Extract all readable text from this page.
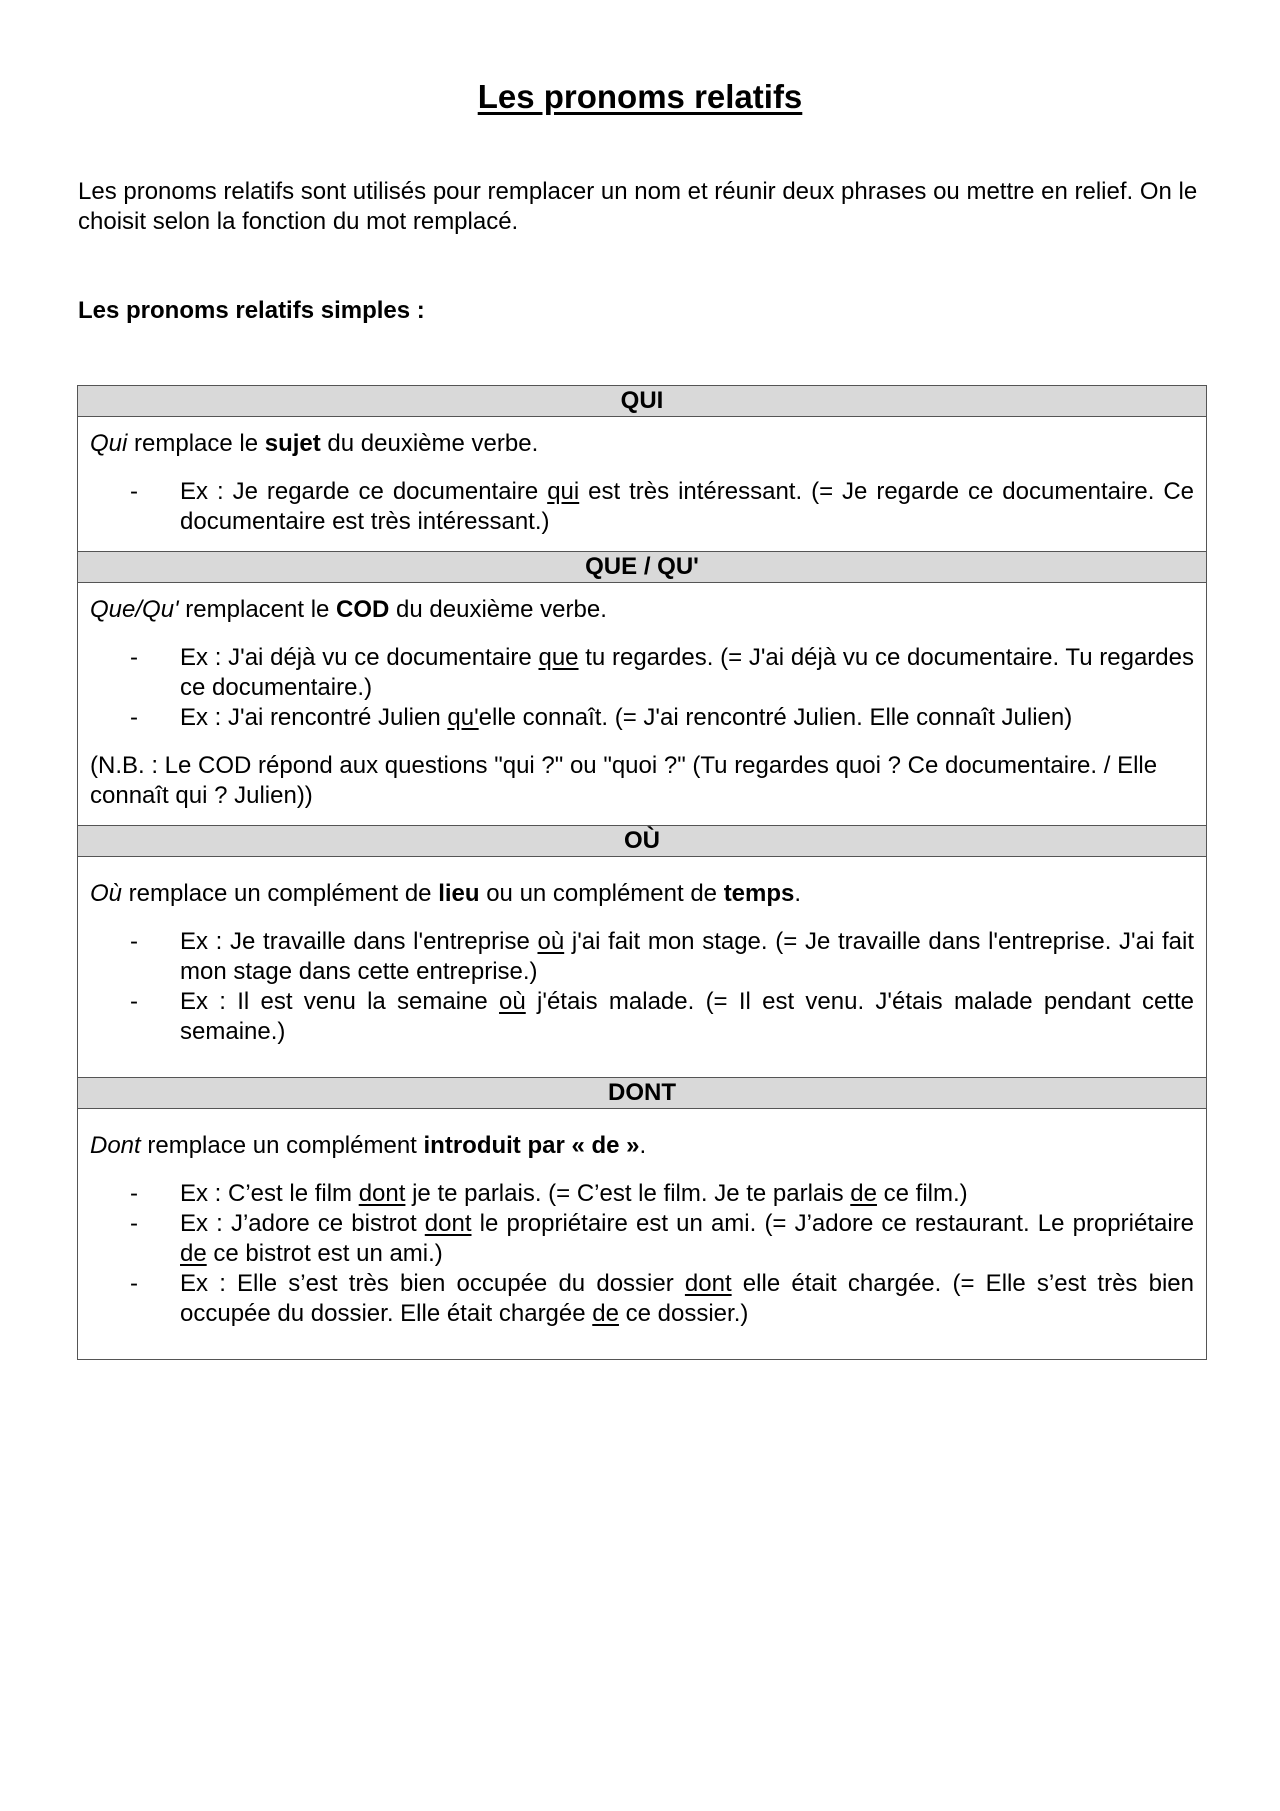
Les pronoms relatifs

Les pronoms relatifs sont utilisés pour remplacer un nom et réunir deux phrases ou mettre en relief. On le choisit selon la fonction du mot remplacé.

Les pronoms relatifs simples :
QUI

Qui remplace le sujet du deuxième verbe.

- Ex : Je regarde ce documentaire qui est très intéressant. (= Je regarde ce documentaire. Ce documentaire est très intéressant.)

QUE / QU'

Que/Qu' remplacent le COD du deuxième verbe.

- Ex : J'ai déjà vu ce documentaire que tu regardes. (= J'ai déjà vu ce documentaire. Tu regardes ce documentaire.)
- Ex : J'ai rencontré Julien qu'elle connaît. (= J'ai rencontré Julien. Elle connaît Julien)

(N.B. : Le COD répond aux questions "qui ?" ou "quoi ?" (Tu regardes quoi ? Ce documentaire. / Elle connaît qui ? Julien))

OÙ

Où remplace un complément de lieu ou un complément de temps.

- Ex : Je travaille dans l'entreprise où j'ai fait mon stage. (= Je travaille dans l'entreprise. J'ai fait mon stage dans cette entreprise.)
- Ex : Il est venu la semaine où j'étais malade. (= Il est venu. J'étais malade pendant cette semaine.)

DONT

Dont remplace un complément introduit par « de ».

- Ex : C’est le film dont je te parlais. (= C’est le film. Je te parlais de ce film.)
- Ex : J’adore ce bistrot dont le propriétaire est un ami. (= J’adore ce restaurant. Le propriétaire de ce bistrot est un ami.)
- Ex : Elle s’est très bien occupée du dossier dont elle était chargée. (= Elle s’est très bien occupée du dossier. Elle était chargée de ce dossier.)
